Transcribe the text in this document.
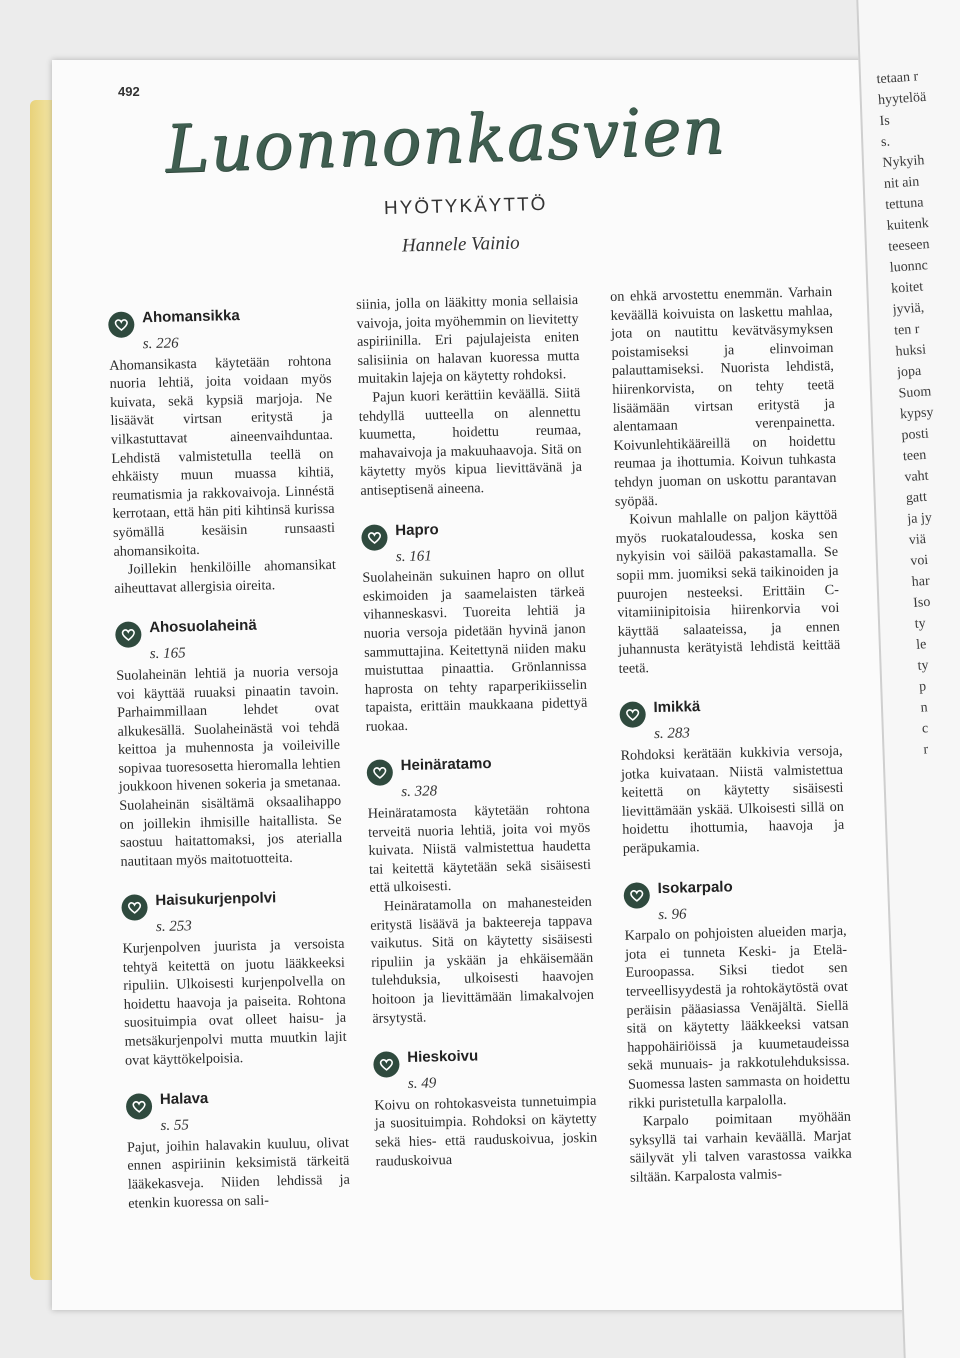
492
Luonnonkasvien
HYÖTYKÄYTTÖ
Hannele Vainio
Ahomansikka
s. 226

Ahomansikasta käytetään rohtona nuoria lehtiä, joita voidaan myös kuivata, sekä kypsiä marjoja. Ne lisäävät virtsan eritystä ja vilkastuttavat aineenvaihduntaa. Lehdistä valmistetulla teellä on ehkäisty muun muassa kihtiä, reumatismia ja rakkovaivoja. Linnéstä kerrotaan, että hän piti kihtinsä kurissa syömällä kesäisin runsaasti ahomansikoita.

Joillekin henkilöille ahomansikat aiheuttavat allergisia oireita.

Ahosuolaheinä
s. 165

Suolaheinän lehtiä ja nuoria versoja voi käyttää ruuaksi pinaatin tavoin. Parhaimmillaan lehdet ovat alkukesällä. Suolaheinästä voi tehdä keittoa ja muhennosta ja voileiville sopivaa tuoresosetta hieromalla lehtien joukkoon hivenen sokeria ja smetanaa. Suolaheinän sisältämä oksaalihappo on joillekin ihmisille haitallista. Se saostuu haitattomaksi, jos aterialla nautitaan myös maitotuotteita.

Haisukurjenpolvi
s. 253

Kurjenpolven juurista ja versoista tehtyä keitettä on juotu lääkkeeksi ripuliin. Ulkoisesti kurjenpolvella on hoidettu haavoja ja paiseita. Rohtona suosituimpia ovat olleet haisu- ja metsäkurjenpolvi mutta muutkin lajit ovat käyttökelpoisia.

Halava
s. 55

Pajut, joihin halavakin kuuluu, olivat ennen aspiriinin keksimistä tärkeitä lääkekasveja. Niiden lehdissä ja etenkin kuoressa on sali-

siinia, jolla on lääkitty monia sellaisia vaivoja, joita myöhemmin on lievitetty aspiriinilla. Eri pajulajeista eniten salisiinia on halavan kuoressa mutta muitakin lajeja on käytetty rohdoksi.

Pajun kuori kerättiin keväällä. Siitä tehdyllä uutteella on alennettu kuumetta, hoidettu reumaa, mahavaivoja ja makuuhaavoja. Sitä on käytetty myös kipua lievittävänä ja antiseptisenä aineena.

Hapro
s. 161

Suolaheinän sukuinen hapro on ollut eskimoiden ja saamelaisten tärkeä vihanneskasvi. Tuoreita lehtiä ja nuoria versoja pidetään hyvinä janon sammuttajina. Keitettynä niiden maku muistuttaa pinaattia. Grönlannissa haprosta on tehty raparperikiisselin tapaista, erittäin maukkaana pidettyä ruokaa.

Heinäratamo
s. 328

Heinäratamosta käytetään rohtona terveitä nuoria lehtiä, joita voi myös kuivata. Niistä valmistettua haudetta tai keitettä käytetään sekä sisäisesti että ulkoisesti.

Heinäratamolla on mahanesteiden eritystä lisäävä ja bakteereja tappava vaikutus. Sitä on käytetty sisäisesti ripuliin ja yskään ja ehkäisemään tulehduksia, ulkoisesti haavojen hoitoon ja lievittämään limakalvojen ärsytystä.

Hieskoivu
s. 49

Koivu on rohtokasveista tunnetuimpia ja suosituimpia. Rohdoksi on käytetty sekä hies- että rauduskoivua, joskin rauduskoivua

on ehkä arvostettu enemmän. Varhain keväällä koivuista on laskettu mahlaa, jota on nautittu kevätväsymyksen poistamiseksi ja elinvoiman palauttamiseksi. Nuorista lehdistä, hiirenkorvista, on tehty teetä lisäämään virtsan eritystä ja alentamaan verenpainetta. Koivunlehtikääreillä on hoidettu reumaa ja ihottumia. Koivun tuhkasta tehdyn juoman on uskottu parantavan syöpää.

Koivun mahlalle on paljon käyttöä myös ruokataloudessa, koska sen nykyisin voi säilöä pakastamalla. Se sopii mm. juomiksi sekä taikinoiden ja puurojen nesteeksi. Erittäin C-vitamiinipitoisia hiirenkorvia voi käyttää salaateissa, ja ennen juhannusta kerätyistä lehdistä keittää teetä.

Imikkä
s. 283

Rohdoksi kerätään kukkivia versoja, jotka kuivataan. Niistä valmistettua keitettä on käytetty sisäisesti lievittämään yskää. Ulkoisesti sillä on hoidettu ihottumia, haavoja ja peräpukamia.

Isokarpalo
s. 96

Karpalo on pohjoisten alueiden marja, jota ei tunneta Keski- ja Etelä-Euroopassa. Siksi tiedot sen terveellisyydestä ja rohtokäytöstä ovat peräisin pääasiassa Venäjältä. Siellä sitä on käytetty lääkkeeksi vatsan happohäiriöissä ja kuumetaudeissa sekä munuais- ja rakkotulehduksissa. Suomessa lasten sammasta on hoidettu rikki puristetulla karpalolla.

Karpalo poimitaan myöhään syksyllä tai varhain keväällä. Marjat säilyvät yli talven varastossa vaikka siltään. Karpalosta valmis-

tetaan r
hyytelöä
Is
s.
Nykyih
nit ain
tettuna
kuitenk
teeseen
luonnc
koitet
jyviä,
ten r
huksi
jopa
Suom
kypsy
posti
teen
vaht
gatt
ja jy
viä
voi
har
Iso
ty
le
ty
p
n
c
r
